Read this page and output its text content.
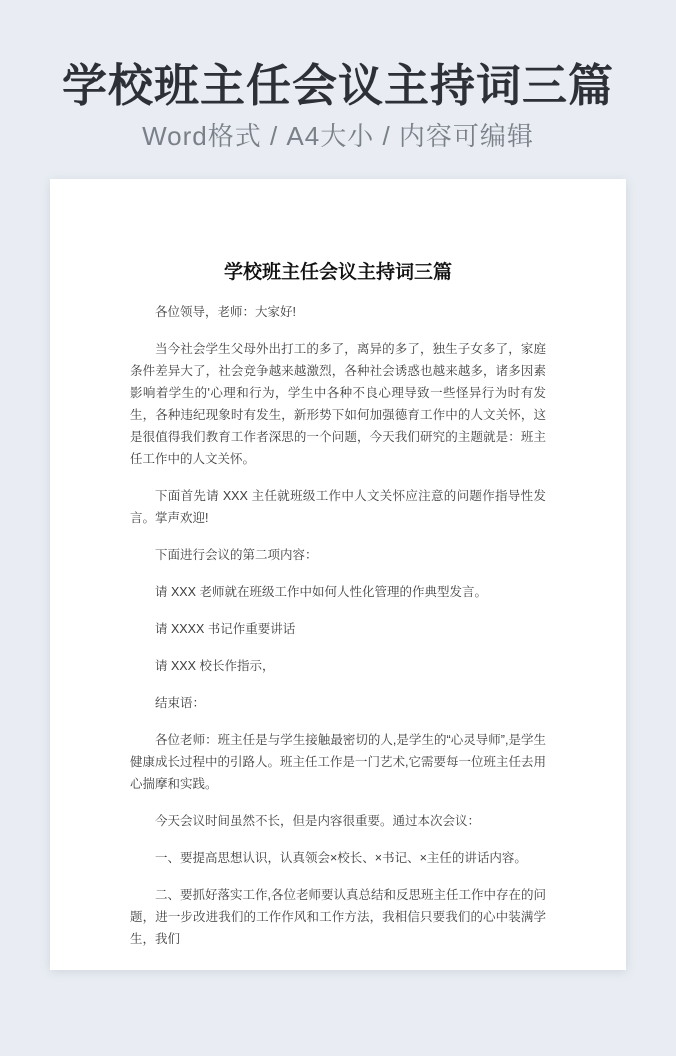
学校班主任会议主持词三篇

Word格式 / A4大小 / 内容可编辑

学校班主任会议主持词三篇

各位领导，老师：大家好!

当今社会学生父母外出打工的多了，离异的多了，独生子女多了，家庭条件差异大了，社会竞争越来越激烈，各种社会诱惑也越来越多，诸多因素影响着学生的'心理和行为，学生中各种不良心理导致一些怪异行为时有发生，各种违纪现象时有发生，新形势下如何加强德育工作中的人文关怀，这是很值得我们教育工作者深思的一个问题，今天我们研究的主题就是：班主任工作中的人文关怀。

下面首先请 XXX 主任就班级工作中人文关怀应注意的问题作指导性发言。掌声欢迎!

下面进行会议的第二项内容：

请 XXX 老师就在班级工作中如何人性化管理的作典型发言。

请 XXXX 书记作重要讲话

请 XXX 校长作指示，

结束语：

各位老师：班主任是与学生接触最密切的人,是学生的“心灵导师”,是学生健康成长过程中的引路人。班主任工作是一门艺术,它需要每一位班主任去用心揣摩和实践。

今天会议时间虽然不长，但是内容很重要。通过本次会议：

一、要提高思想认识，认真领会×校长、×书记、×主任的讲话内容。

二、要抓好落实工作,各位老师要认真总结和反思班主任工作中存在的问题，进一步改进我们的工作作风和工作方法，我相信只要我们的心中装满学生，我们
